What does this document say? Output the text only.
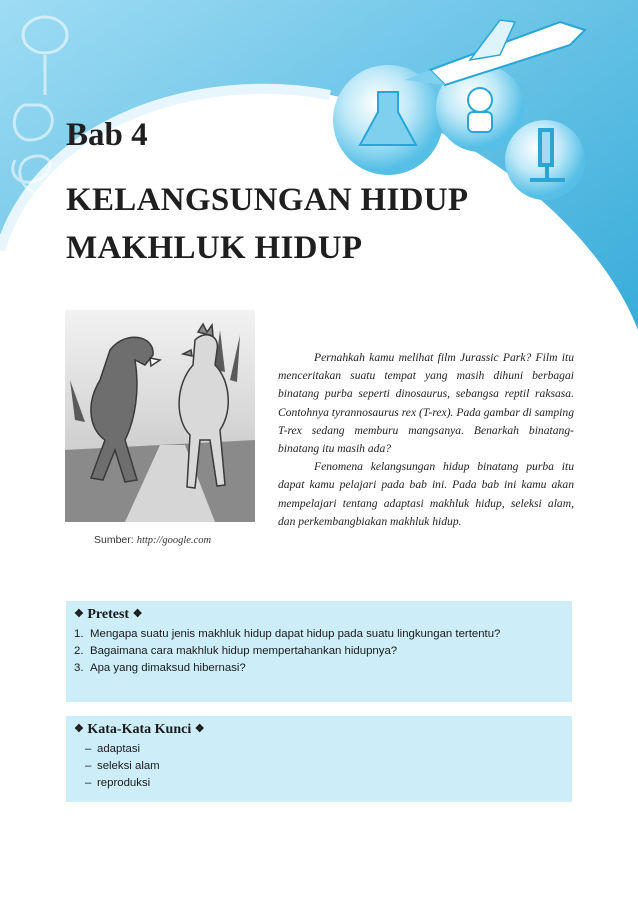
Bab 4
KELANGSUNGAN HIDUP
MAKHLUK HIDUP
Sumber: http://google.com

Pernahkah kamu melihat film Jurassic Park? Film itu menceritakan suatu tempat yang masih dihuni berbagai binatang purba seperti dinosaurus, sebangsa reptil raksasa. Contohnya tyrannosaurus rex (T-rex). Pada gambar di samping T-rex sedang memburu mangsanya. Benarkah binatang-binatang itu masih ada?

Fenomena kelangsungan hidup binatang purba itu dapat kamu pelajari pada bab ini. Pada bab ini kamu akan mempelajari tentang adaptasi makhluk hidup, seleksi alam, dan perkembangbiakan makhluk hidup.

❖ Pretest ❖
1. Mengapa suatu jenis makhluk hidup dapat hidup pada suatu lingkungan tertentu?
2. Bagaimana cara makhluk hidup mempertahankan hidupnya?
3. Apa yang dimaksud hibernasi?
❖ Kata-Kata Kunci ❖
– adaptasi
– seleksi alam
– reproduksi
